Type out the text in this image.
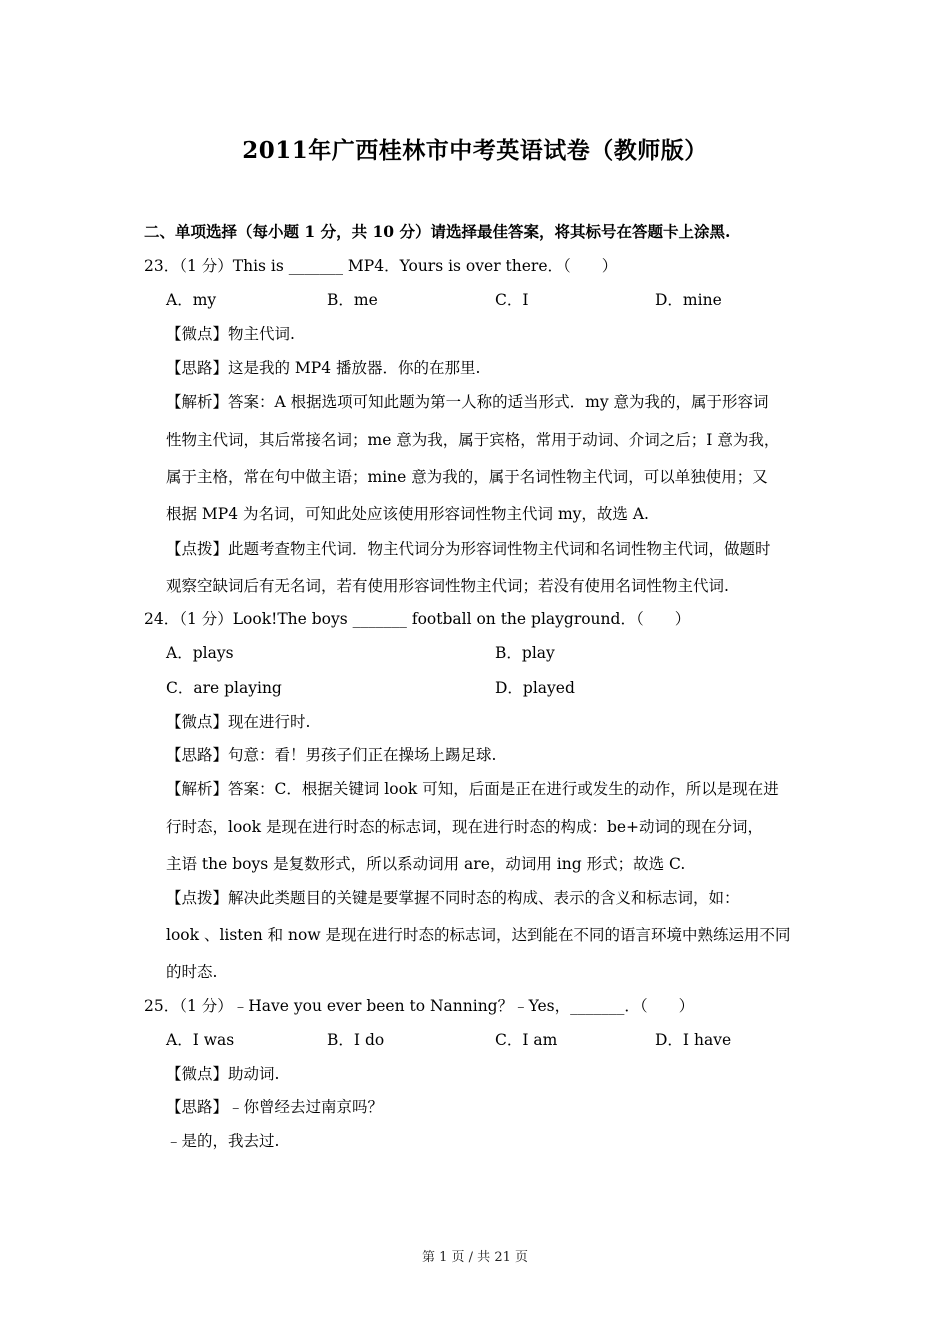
2011年广西桂林市中考英语试卷（教师版）
二、单项选择（每小题 1 分，共 10 分）请选择最佳答案，将其标号在答题卡上涂黑.
23．（1 分）This is _______ MP4．Yours is over there．（　　）
A．my	B．me	C．I	D．mine
【微点】物主代词.
【思路】这是我的 MP4 播放器．你的在那里.
【解析】答案：A 根据选项可知此题为第一人称的适当形式．my 意为我的，属于形容词
性物主代词，其后常接名词；me 意为我，属于宾格，常用于动词、介词之后；I 意为我，
属于主格，常在句中做主语；mine 意为我的，属于名词性物主代词，可以单独使用；又
根据 MP4 为名词，可知此处应该使用形容词性物主代词 my，故选 A.
【点拨】此题考查物主代词．物主代词分为形容词性物主代词和名词性物主代词，做题时
观察空缺词后有无名词，若有使用形容词性物主代词；若没有使用名词性物主代词.
24．（1 分）Look!The boys _______ football on the playground．（　　）
A．plays	B．play
C．are playing	D．played
【微点】现在进行时.
【思路】句意：看！男孩子们正在操场上踢足球.
【解析】答案：C．根据关键词 look 可知，后面是正在进行或发生的动作，所以是现在进
行时态，look 是现在进行时态的标志词，现在进行时态的构成：be+动词的现在分词，
主语 the boys 是复数形式，所以系动词用 are，动词用 ing 形式；故选 C.
【点拨】解决此类题目的关键是要掌握不同时态的构成、表示的含义和标志词，如：
look 、listen 和 now 是现在进行时态的标志词，达到能在不同的语言环境中熟练运用不同
的时态.
25．（1 分）﹣Have you ever been to Nanning？﹣Yes，_______．（　　）
A．I was	B．I do	C．I am	D．I have
【微点】助动词.
【思路】﹣你曾经去过南京吗？
﹣是的，我去过.
第 1 页 / 共 21 页
